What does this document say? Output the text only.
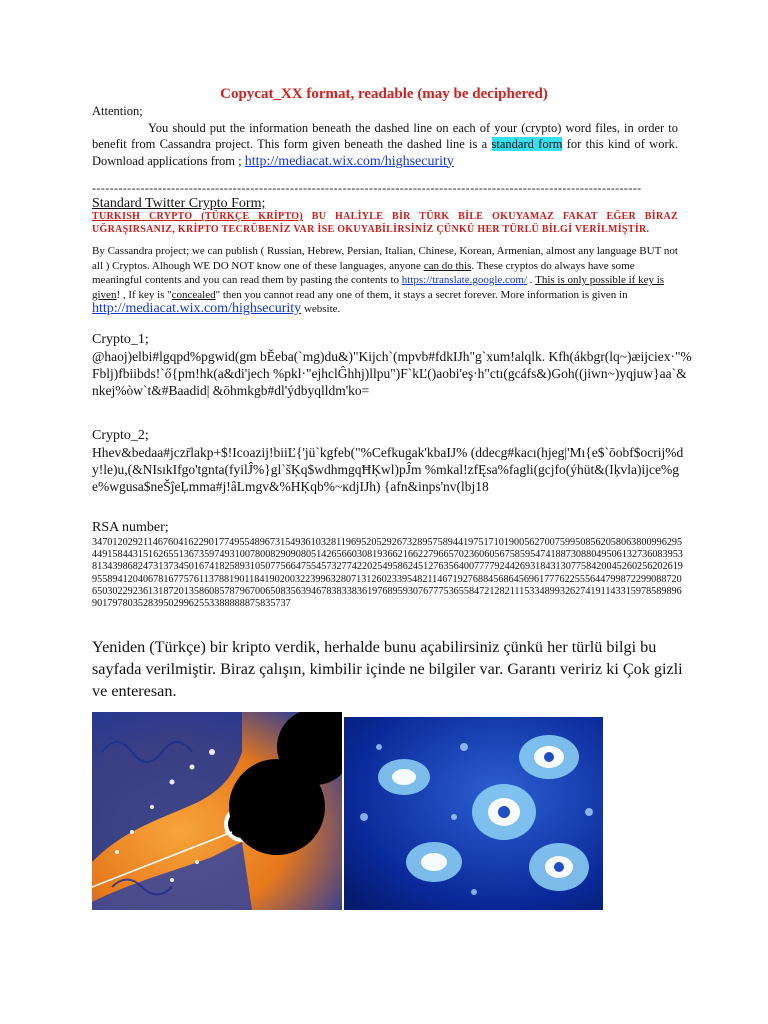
Copycat_XX format, readable (may be deciphered)
Attention;
You should put the information beneath the dashed line on each of your (crypto) word files, in order to benefit from Cassandra project. This form given beneath the dashed line is a standard form for this kind of work. Download applications from ; http://mediacat.wix.com/highsecurity
-----------------------------------------------------------------------------------------------------------------------------
Standard Twitter Crypto Form;
TURKISH CRYPTO (TÜRKÇE KRİPTO) BU HALİYLE BİR TÜRK BİLE OKUYAMAZ FAKAT EĞER BİRAZ UĞRAŞIRSANIZ, KRİPTO TECRÜBENİZ VAR İSE OKUYABİLİRSİNİZ ÇÜNKÜ HER TÜRLÜ BİLGİ VERİLMİŞTİR.
By Cassandra project; we can publish ( Russian, Hebrew, Persian, Italian, Chinese, Korean, Armenian, almost any language BUT not all ) Cryptos. Alhough WE DO NOT know one of these languages, anyone can do this. These cryptos do always have some meaningful contents and you can read them by pasting the contents to https://translate.google.com/ . This is only possible if key is given! , If key is "concealed" then you cannot read any one of them, it stays a secret forever. More information is given in http://mediacat.wix.com/highsecurity website.
Crypto_1;
@haoj)elbi#lgqpd%pgwid(gm bĚeba(`mg)du&)"Kijch`(mpvb#fdkIJh"g`xum!alqlk. Kfh(ákbgr(lq~)æijciex·"%Fblj)fbiibds!`ő{pm!hk(a&di'jech %pkl·"ejhclĜhhj)llpu")F`kĽ()aobi'eş·h"ctı(gcáfs&)Goh((jiwn~)yqjuw}aa`&nkej%òw`t&#Baadid| &ōhmkgb#dl'ýdbyqlldm'ko=
Crypto_2;
Hhev&bedaa#jczr̄lakp+$!Icoazij!biiĽ{'jü`kgfeb("%Cefkugak'kbaIJ% (ddecg#kacı(hjeg|'Mı{e$`ōobf$ocrij%dy!le)u,(&NIsıkIfgo'tgnta(fyilĴ%}gl`šĶq$wdhmgqĦĶwl)pĴm %mkal!zfĘsa%fagli(gcjfo(ýhüt&(Iķvla)ijce%ge%wgusa$neŠĵeĻmma#j!âLmgv&%HĶqb%~ĸdjIJh) {afn&inps'nv(lbj18
RSA number;
3470120292114676041622901774955489673154936103281196952052926732895758944197517101900562700759950856205806380099629544915844315162655136735974931007800829090805142656603081936621662279665702360605675859547418873088049506132736083953813439868247313734501674182589310507756647554573277422025495862451276356400777792442693184313077584200452602562026199558941204067816775761137881901184190200322399632807131260233954821146719276884568645696177762255564479987229908872065030229236131872013586085787967006508356394678383383619768959307677753655847212821115334899326274191143315978589896901797803528395029962553388888875835737
Yeniden (Türkçe) bir kripto verdik, herhalde bunu açabilirsiniz çünkü her türlü bilgi bu sayfada verilmiştir. Biraz çalışın, kimbilir içinde ne bilgiler var. Garantı veririz ki Çok gizli ve enteresan.
